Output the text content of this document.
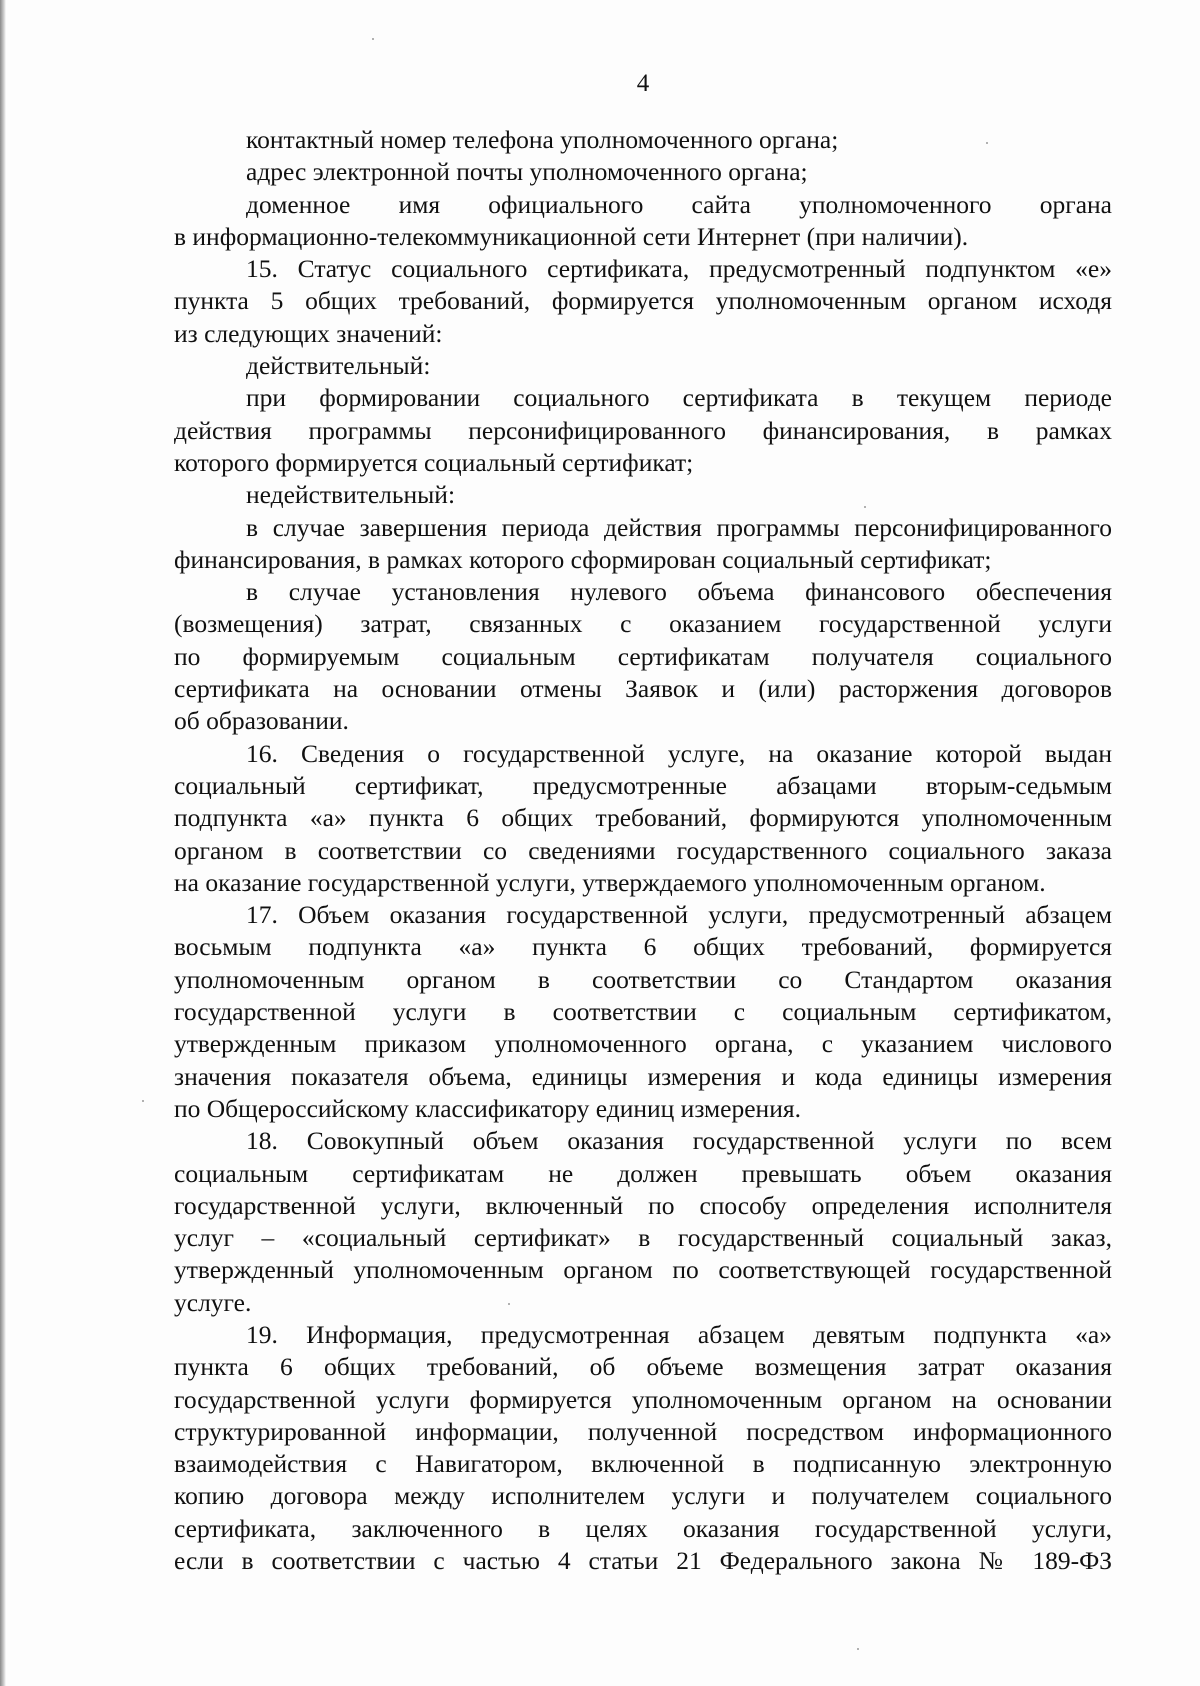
4
контактный номер телефона уполномоченного органа;
адрес электронной почты уполномоченного органа;
доменное имя официального сайта уполномоченного органа
в информационно-телекоммуникационной сети Интернет (при наличии).
15. Статус социального сертификата, предусмотренный подпунктом «е»
пункта 5 общих требований, формируется уполномоченным органом исходя
из следующих значений:
действительный:
при формировании социального сертификата в текущем периоде
действия программы персонифицированного финансирования, в рамках
которого формируется социальный сертификат;
недействительный:
в случае завершения периода действия программы персонифицированного
финансирования, в рамках которого сформирован социальный сертификат;
в случае установления нулевого объема финансового обеспечения
(возмещения) затрат, связанных с оказанием государственной услуги
по формируемым социальным сертификатам получателя социального
сертификата на основании отмены Заявок и (или) расторжения договоров
об образовании.
16. Сведения о государственной услуге, на оказание которой выдан
социальный сертификат, предусмотренные абзацами вторым-седьмым
подпункта «а» пункта 6 общих требований, формируются уполномоченным
органом в соответствии со сведениями государственного социального заказа
на оказание государственной услуги, утверждаемого уполномоченным органом.
17. Объем оказания государственной услуги, предусмотренный абзацем
восьмым подпункта «а» пункта 6 общих требований, формируется
уполномоченным органом в соответствии со Стандартом оказания
государственной услуги в соответствии с социальным сертификатом,
утвержденным приказом уполномоченного органа, с указанием числового
значения показателя объема, единицы измерения и кода единицы измерения
по Общероссийскому классификатору единиц измерения.
18. Совокупный объем оказания государственной услуги по всем
социальным сертификатам не должен превышать объем оказания
государственной услуги, включенный по способу определения исполнителя
услуг – «социальный сертификат» в государственный социальный заказ,
утвержденный уполномоченным органом по соответствующей государственной
услуге.
19. Информация, предусмотренная абзацем девятым подпункта «а»
пункта 6 общих требований, об объеме возмещения затрат оказания
государственной услуги формируется уполномоченным органом на основании
структурированной информации, полученной посредством информационного
взаимодействия с Навигатором, включенной в подписанную электронную
копию договора между исполнителем услуги и получателем социального
сертификата, заключенного в целях оказания государственной услуги,
если в соответствии с частью 4 статьи 21 Федерального закона № 189-ФЗ
